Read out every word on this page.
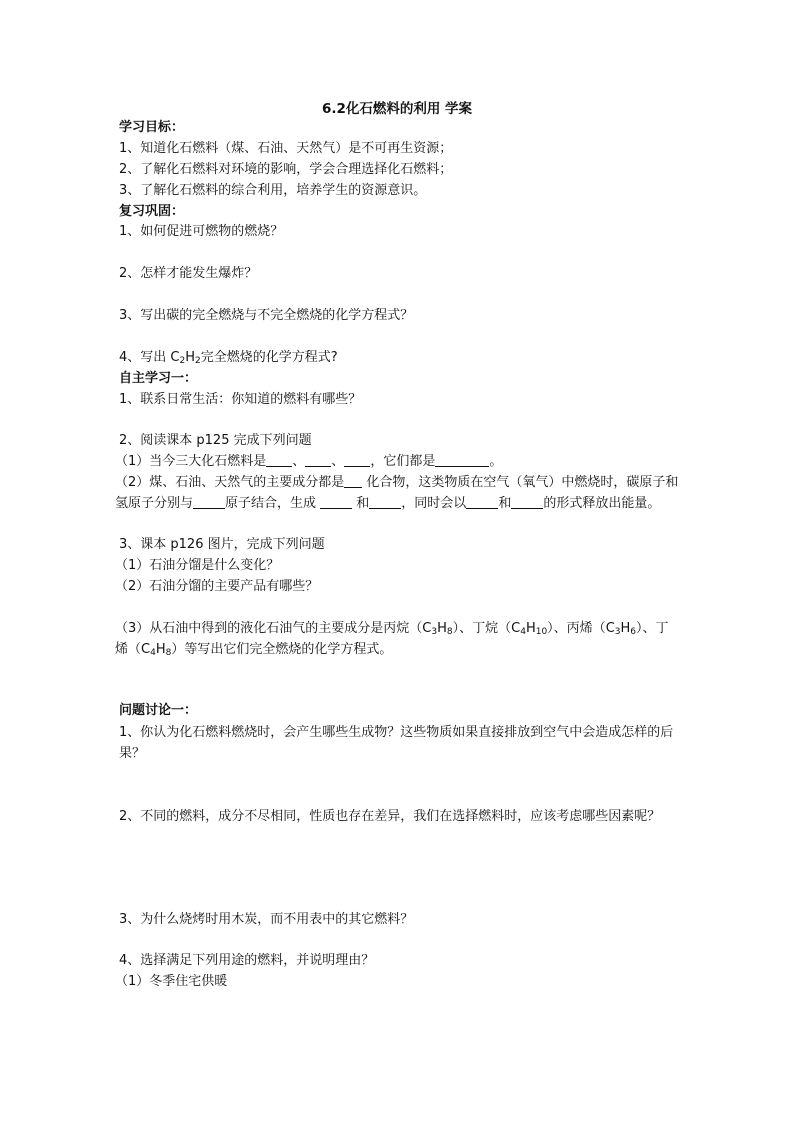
6.2化石燃料的利用 学案
学习目标：
1、知道化石燃料（煤、石油、天然气）是不可再生资源；
2、了解化石燃料对环境的影响，学会合理选择化石燃料；
3、了解化石燃料的综合利用，培养学生的资源意识。
复习巩固：
1、如何促进可燃物的燃烧？
2、怎样才能发生爆炸？
3、写出碳的完全燃烧与不完全燃烧的化学方程式？
4、写出 $C_2H_2$完全燃烧的化学方程式?
自主学习一：
1、联系日常生活：你知道的燃料有哪些？
2、阅读课本 p125 完成下列问题
（1）当今三大化石燃料是 、 、 ，它们都是	。
（2）煤、石油、天然气的主要成分都是 化合物，这类物质在空气（氧气）中燃烧时，碳原子和氢原子分别与 原子结合，生成  和 ，同时会以 和 的形式释放出能量。
3、课本 p126 图片，完成下列问题
（1）石油分馏是什么变化？
（2）石油分馏的主要产品有哪些？
（3）从石油中得到的液化石油气的主要成分是丙烷$(C_3H_8)$、丁烷$(C_4H_{10})$、丙烯$(C_3H_6)$、丁烯$(C_4H_8)$等写出它们完全燃烧的化学方程式。
问题讨论一：
1、你认为化石燃料燃烧时，会产生哪些生成物？这些物质如果直接排放到空气中会造成怎样的后果？
2、不同的燃料，成分不尽相同，性质也存在差异，我们在选择燃料时，应该考虑哪些因素呢？
3、为什么烧烤时用木炭，而不用表中的其它燃料？
4、选择满足下列用途的燃料，并说明理由？
（1）冬季住宅供暖
